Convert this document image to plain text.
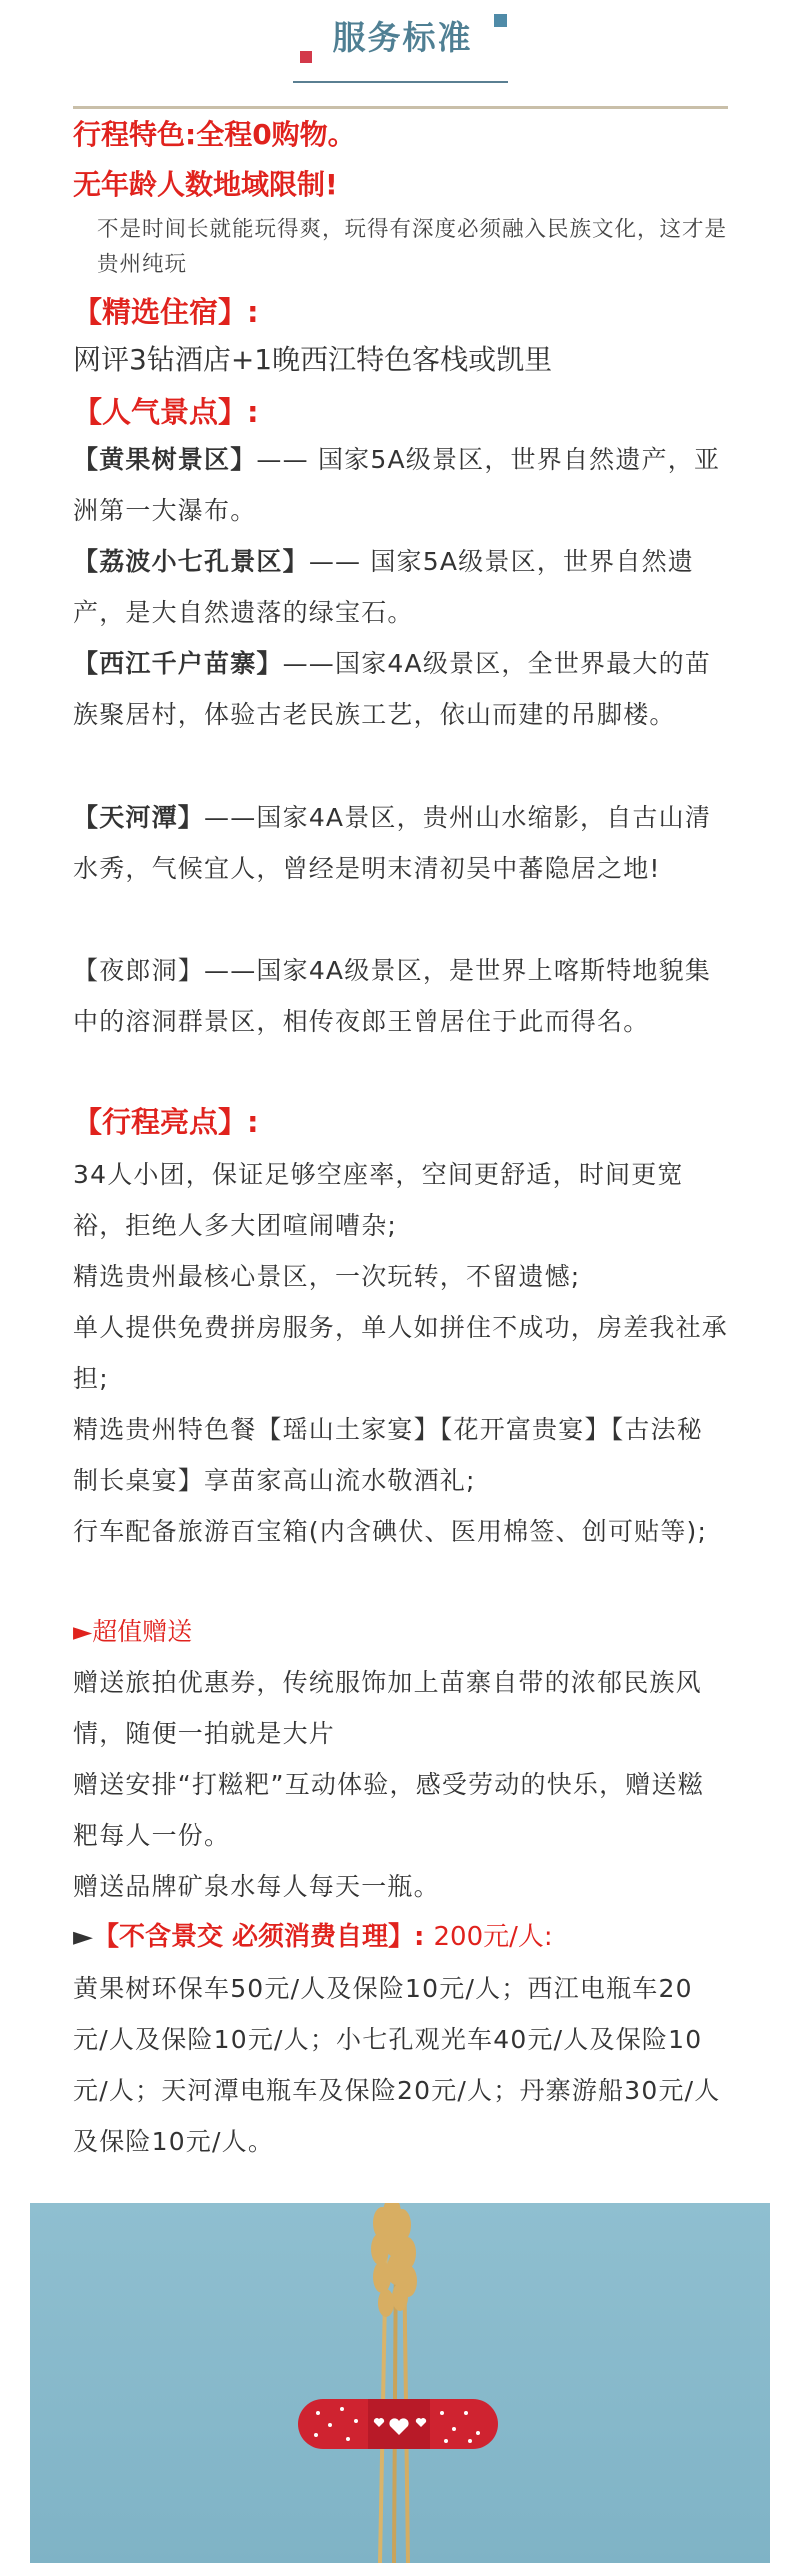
服务标准
行程特色:全程0购物。
无年龄人数地域限制!
不是时间长就能玩得爽，玩得有深度必须融入民族文化，这才是贵州纯玩
【精选住宿】:
网评3钻酒店+1晚西江特色客栈或凯里
【人气景点】:
【黄果树景区】—— 国家5A级景区，世界自然遗产，亚洲第一大瀑布。
【荔波小七孔景区】—— 国家5A级景区，世界自然遗产，是大自然遗落的绿宝石。
【西江千户苗寨】——国家4A级景区，全世界最大的苗族聚居村，体验古老民族工艺，依山而建的吊脚楼。
【天河潭】——国家4A景区，贵州山水缩影，自古山清水秀，气候宜人，曾经是明末清初吴中蕃隐居之地!
【夜郎洞】——国家4A级景区，是世界上喀斯特地貌集中的溶洞群景区，相传夜郎王曾居住于此而得名。
【行程亮点】:
34人小团，保证足够空座率，空间更舒适，时间更宽裕，拒绝人多大团喧闹嘈杂;
精选贵州最核心景区，一次玩转，不留遗憾;
单人提供免费拼房服务，单人如拼住不成功，房差我社承担;
精选贵州特色餐【瑶山土家宴】【花开富贵宴】【古法秘制长桌宴】享苗家高山流水敬酒礼;
行车配备旅游百宝箱(内含碘伏、医用棉签、创可贴等);
►超值赠送
赠送旅拍优惠券，传统服饰加上苗寨自带的浓郁民族风情，随便一拍就是大片
赠送安排“打糍粑”互动体验，感受劳动的快乐，赠送糍粑每人一份。
赠送品牌矿泉水每人每天一瓶。
►【不含景交 必须消费自理】: 200元/人:
黄果树环保车50元/人及保险10元/人；西江电瓶车20元/人及保险10元/人；小七孔观光车40元/人及保险10元/人；天河潭电瓶车及保险20元/人；丹寨游船30元/人及保险10元/人。
